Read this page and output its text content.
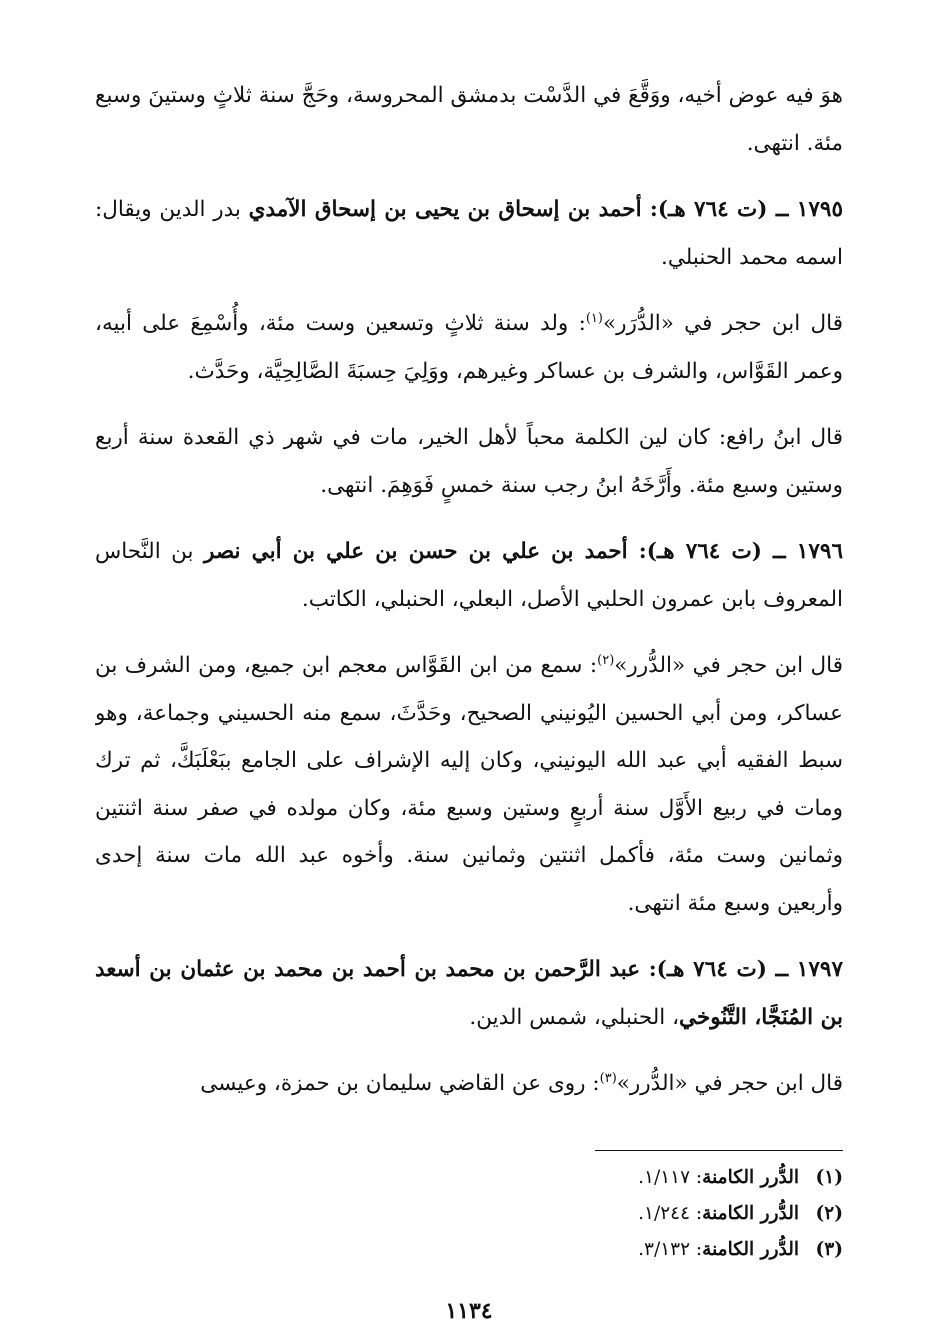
هوَ فيه عوض أخيه، ووَقَّعَ في الدَّسْت بدمشق المحروسة، وحَجَّ سنة ثلاثٍ وستينَ وسبع مئة. انتهى.

١٧٩٥ ــ (ت ٧٦٤ هـ): أحمد بن إسحاق بن يحيى بن إسحاق الآمدي بدر الدين ويقال: اسمه محمد الحنبلي.

قال ابن حجر في «الدُّرَر»$^{(١)}$: ولد سنة ثلاثٍ وتسعين وست مئة، وأُسْمِعَ على أبيه، وعمر القَوَّاس، والشرف بن عساكر وغيرهم، ووَلِيَ حِسبَةَ الصَّالِحِيَّة، وحَدَّث.

قال ابنُ رافع: كان لين الكلمة محباً لأهل الخير، مات في شهر ذي القعدة سنة أربع وستين وسبع مئة. وأَرَّخَهُ ابنُ رجب سنة خمسٍ فَوَهِمَ. انتهى.

١٧٩٦ ــ (ت ٧٦٤ هـ): أحمد بن علي بن حسن بن علي بن أبي نصر بن النَّحاس المعروف بابن عمرون الحلبي الأصل، البعلي، الحنبلي، الكاتب.

قال ابن حجر في «الدُّرر»$^{(٢)}$: سمع من ابن القَوَّاس معجم ابن جميع، ومن الشرف بن عساكر، ومن أبي الحسين اليُونيني الصحيح، وحَدَّثَ، سمع منه الحسيني وجماعة، وهو سبط الفقيه أبي عبد الله اليونيني، وكان إليه الإشراف على الجامع ببَعْلَبَكَّ، ثم ترك ومات في ربيع الأَوَّل سنة أربعٍ وستين وسبع مئة، وكان مولده في صفر سنة اثنتين وثمانين وست مئة، فأكمل اثنتين وثمانين سنة. وأخوه عبد الله مات سنة إحدى وأربعين وسبع مئة انتهى.

١٧٩٧ ــ (ت ٧٦٤ هـ): عبد الرَّحمن بن محمد بن أحمد بن محمد بن عثمان بن أسعد بن المُنَجَّا، التَّنُوخي، الحنبلي، شمس الدين.

قال ابن حجر في «الدُّرر»$^{(٣)}$: روى عن القاضي سليمان بن حمزة، وعيسى

(١)الدُّرر الكامنة: ١/١١٧.
(٢)الدُّرر الكامنة: ١/٢٤٤.
(٣)الدُّرر الكامنة: ٣/١٣٢.
١١٣٤
